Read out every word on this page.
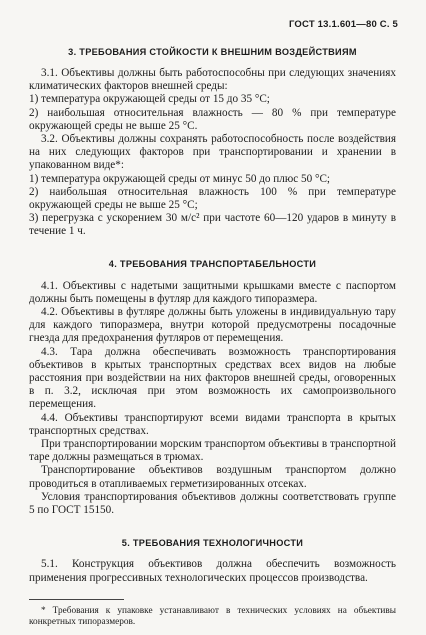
ГОСТ 13.1.601—80 С. 5
3. ТРЕБОВАНИЯ СТОЙКОСТИ К ВНЕШНИМ ВОЗДЕЙСТВИЯМ

3.1. Объективы должны быть работоспособны при следующих значениях климатических факторов внешней среды:

1) температура окружающей среды от 15 до 35 °C;

2) наибольшая относительная влажность — 80 % при температуре окружающей среды не выше 25 °C.

3.2. Объективы должны сохранять работоспособность после воздействия на них следующих факторов при транспортировании и хранении в упакованном виде*:

1) температура окружающей среды от минус 50 до плюс 50 °C;

2) наибольшая относительная влажность 100 % при температуре окружающей среды не выше 25 °C;

3) перегрузка с ускорением 30 м/с² при частоте 60—120 ударов в минуту в течение 1 ч.

4. ТРЕБОВАНИЯ ТРАНСПОРТАБЕЛЬНОСТИ

4.1. Объективы с надетыми защитными крышками вместе с паспортом должны быть помещены в футляр для каждого типоразмера.

4.2. Объективы в футляре должны быть уложены в индивидуальную тару для каждого типоразмера, внутри которой предусмотрены посадочные гнезда для предохранения футляров от перемещения.

4.3. Тара должна обеспечивать возможность транспортирования объективов в крытых транспортных средствах всех видов на любые расстояния при воздействии на них факторов внешней среды, оговоренных в п. 3.2, исключая при этом возможность их самопроизвольного перемещения.

4.4. Объективы транспортируют всеми видами транспорта в крытых транспортных средствах.

При транспортировании морским транспортом объективы в транспортной таре должны размещаться в трюмах.

Транспортирование объективов воздушным транспортом должно проводиться в отапливаемых герметизированных отсеках.

Условия транспортирования объективов должны соответствовать группе 5 по ГОСТ 15150.

5. ТРЕБОВАНИЯ ТЕХНОЛОГИЧНОСТИ

5.1. Конструкция объективов должна обеспечить возможность применения прогрессивных технологических процессов производства.

* Требования к упаковке устанавливают в технических условиях на объективы конкретных типоразмеров.
